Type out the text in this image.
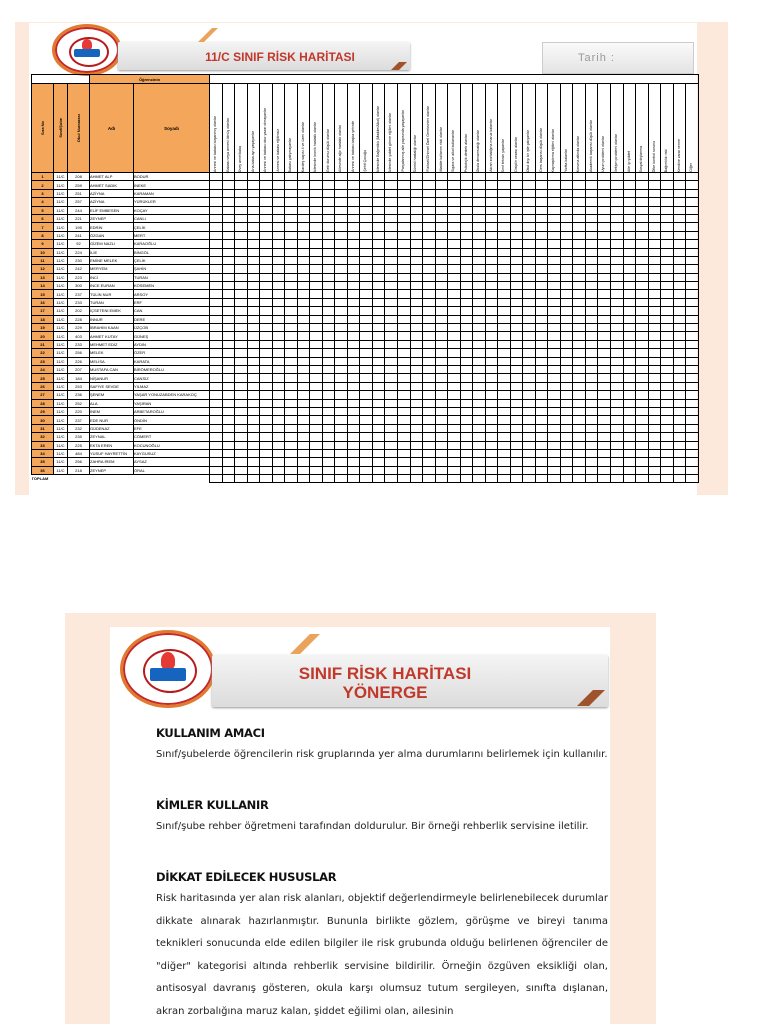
11/C SINIF RİSK HARİTASI	Tarih :
			Öğrencinin																																								

Sıra No	Sınıf/Şube	Okul Numarası	Adı	Soyadı	Annesi ve babası boşanmış olanlar	Babası veya annesi ölmüş olanlar	Üvey anne/baba	Ana-baba ayrı yaşayanlar	Annesi ve babası okur yazar olmayanlar	Annesi ve babası eğitimsiz	Babası çalışmayanlar	Kardeş sayısı 4 ve üzeri olanlar	Ailesinde kronik hastalık olanlar	Gelir durumu düşük olanlar	Ailesinde ağır hastalık olanlar	Annesi ve babası başka şehirde	Şehit Çocuğu	Ailesinde Bağımlılık (Madde/Alkol) olanlar	Ailesinde şiddet görme eğilimi olanlar	Parçalanmış aile yapısında yaşayanlar	Sürekli hastalığı olanlar	Fiziksel/Zihinsel Özel Gereksinimi olanlar	Madde kullanım riski olanlar	Sigara ve alkol kullananlar	Psikolojik destek alanlar	Okula devamsızlığı olanlar	Akran zorbalığına maruz kalanlar	Sınıf tekrarı yapanlar	Disiplin cezası alanlar	Okul dışı bir işte çalışanlar	Ders başarısı düşük olanlar	Kaynaştırma eğitimi alanlar	Yurtta kalanlar	Koruma altında olanlar	Akademik başarısı düşük olanlar	Uyum problemi olanlar	İletişim problemi olanlar	Aile içi şiddet	Sosyal dışlanma	Öfke kontrol sorunu	Bağımlılık riski	Kendine zarar verme	Diğer

1	11/C	208	AHMET ALP	BODUR																																							
2	11/C	259	AHMET SADIK	İNEKE																																							
3	11/C	251	AZİYNA	KARAMAN																																							
4	11/C	257	AZİYNA	YÜRÜKLER																																							
5	11/C	244	ELİF EMBESEN	KOÇAY																																							
6	11/C	221	ZEYNEP	CANLI																																							
7	11/C	195	EDRİN	ÇELİK																																							
8	11/C	241	ÖZGAN	MERT																																							
9	11/C	92	GİZEM NAZLI	KARAOĞLU																																							
10	11/C	224	İLİE	BİNGÖL																																							
11	11/C	230	EMİNE MELEK	ÇELİK																																							
12	11/C	242	MERYEM	ŞAHİN																																							
13	11/C	223	İNCİ	TURAN																																							
14	11/C	300	İNCE EURAN	KÖSEMEN																																							
15	11/C	237	TÜLİN NUR	ARSOY																																							
16	11/C	233	TURAN	ERF																																							
17	11/C	202	İÇSETENI EMEK	CAN																																							
18	11/C	228	İNNUR	DERE																																							
19	11/C	229	İBRAHİM KAAN	ÜZÇOB																																							
20	11/C	403	AHMET KUTAY	GÜNEŞ																																							
21	11/C	233	MEHMET EDİZ	AYDIN																																							
22	11/C	256	MELEK	ÖZER																																							
23	11/C	226	MELİSA	KARATA																																							
24	11/C	207	MUSTAFA CAN	BİRÖMEROĞLU																																							
25	11/C	184	NİŞANUR	CANSIZ																																							
26	11/C	253	SAFİYE SEVDE	YILMAZ																																							
27	11/C	236	ŞENEM	YAŞAR YONUZABDEN KARAKOÇ																																							
28	11/C	252	ALA	YAŞIRAN																																							
29	11/C	220	İNEM	ARBETAROĞLU																																							
30	11/C	237	EDE NUR	ÖNDİN																																							
31	11/C	232	GÜDENAZ	EFE																																							
32	11/C	235	ZEYNAL	CÖMERT																																							
33	11/C	225	EKTA EREN	KOCUNOĞLU																																							
34	11/C	484	YUSUF HAYRETTİN	KAYGUSUZ																																							
35	11/C	256	ZAHRA İREM	AYSAZ																																							
36	11/C	218	ZEYNEP	ÖRAL																																							
TOPLAM																																											
SINIF RİSK HARİTASI
YÖNERGE
KULLANIM AMACI

Sınıf/şubelerde öğrencilerin risk gruplarında yer alma durumlarını belirlemek için kullanılır.

KİMLER KULLANIR

Sınıf/şube rehber öğretmeni tarafından doldurulur. Bir örneği rehberlik servisine iletilir.

DİKKAT EDİLECEK HUSUSLAR

Risk haritasında yer alan risk alanları, objektif değerlendirmeyle belirlenebilecek durumlar dikkate alınarak hazırlanmıştır. Bununla birlikte gözlem, görüşme ve bireyi tanıma teknikleri sonucunda elde edilen bilgiler ile risk grubunda olduğu belirlenen öğrenciler de "diğer" kategorisi altında rehberlik servisine bildirilir. Örneğin özgüven eksikliği olan, antisosyal davranış gösteren, okula karşı olumsuz tutum sergileyen, sınıfta dışlanan, akran zorbalığına maruz kalan, şiddet eğilimi olan, ailesinin
